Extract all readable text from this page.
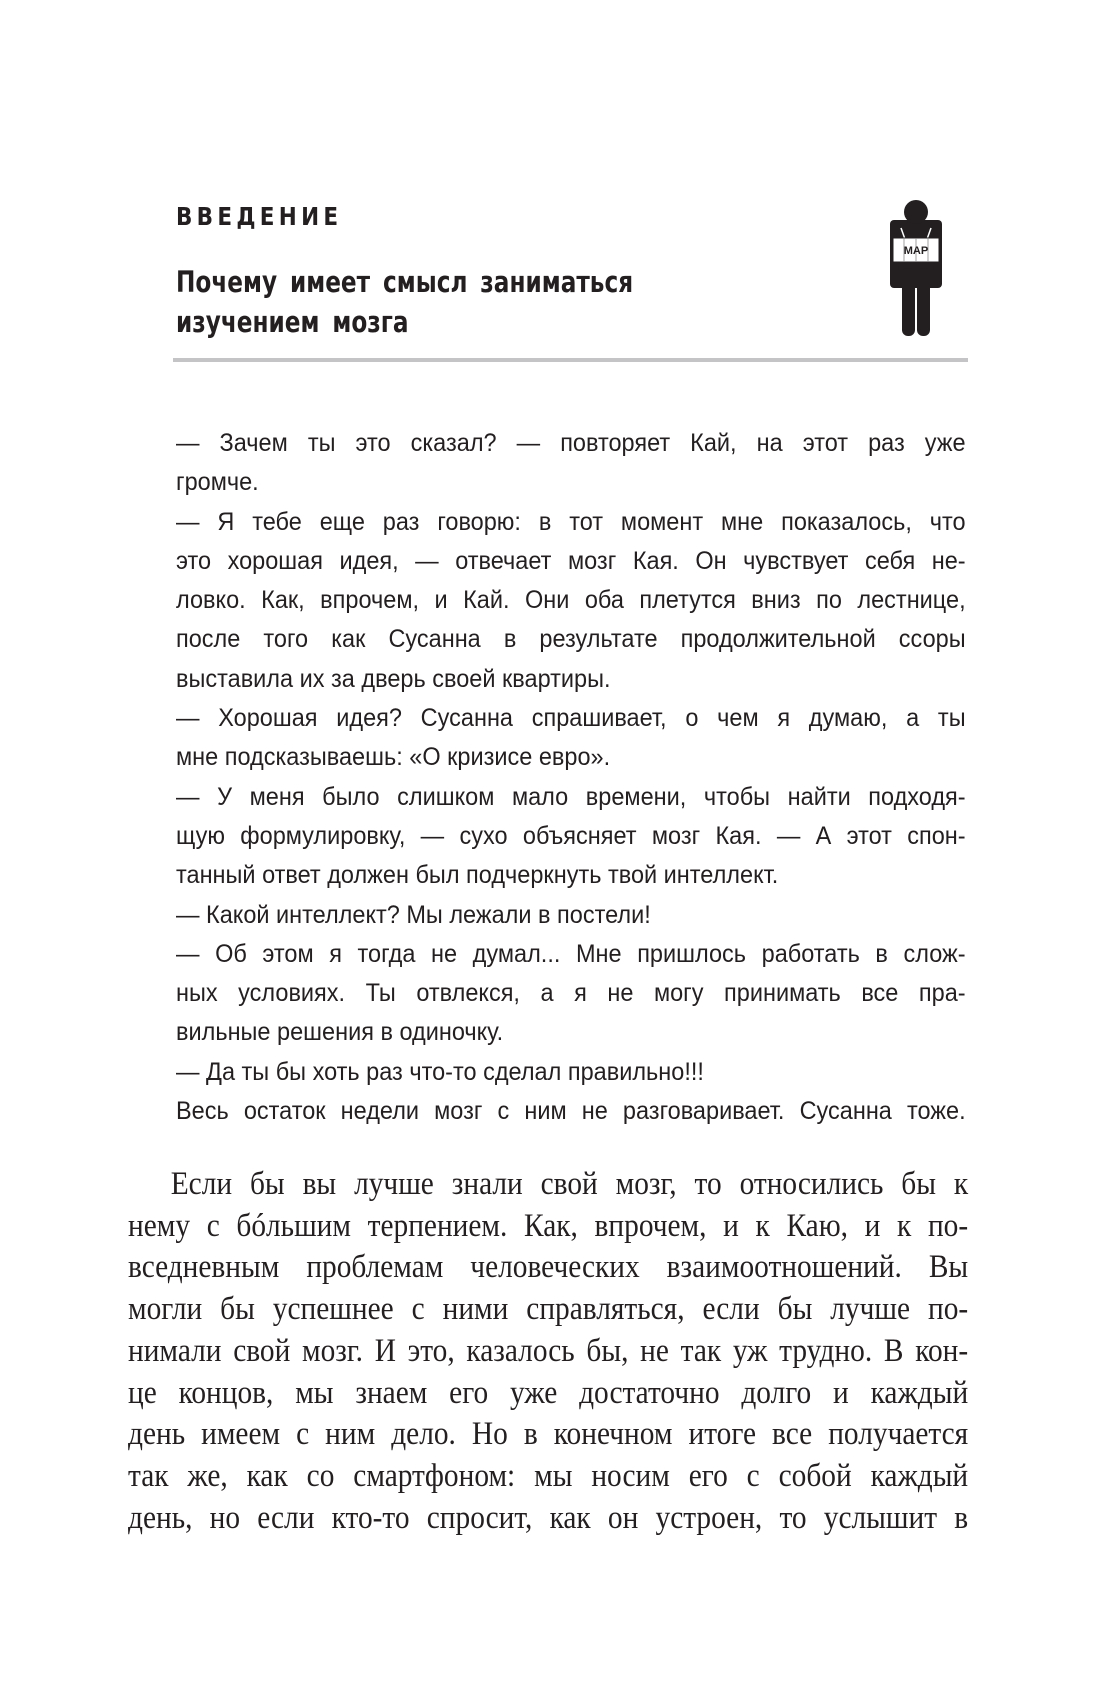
ВВЕДЕНИЕ
Почему имеет смысл заниматься
изучением мозга
MAP
— Зачем ты это сказал? — повторяет Кай, на этот раз уже
громче.
— Я тебе еще раз говорю: в тот момент мне показалось, что
это хорошая идея, — отвечает мозг Кая. Он чувствует себя не-
ловко. Как, впрочем, и Кай. Они оба плетутся вниз по лестнице,
после того как Сусанна в результате продолжительной ссоры
выставила их за дверь своей квартиры.
— Хорошая идея? Сусанна спрашивает, о чем я думаю, а ты
мне подсказываешь: «О кризисе евро».
— У меня было слишком мало времени, чтобы найти подходя-
щую формулировку, — сухо объясняет мозг Кая. — А этот спон-
танный ответ должен был подчеркнуть твой интеллект.
— Какой интеллект? Мы лежали в постели!
— Об этом я тогда не думал... Мне пришлось работать в слож-
ных условиях. Ты отвлекся, а я не могу принимать все пра-
вильные решения в одиночку.
— Да ты бы хоть раз что-то сделал правильно!!!
Весь остаток недели мозг с ним не разговаривает. Сусанна тоже.
Если бы вы лучше знали свой мозг, то относились бы к
нему с бóльшим терпением. Как, впрочем, и к Каю, и к по-
вседневным проблемам человеческих взаимоотношений. Вы
могли бы успешнее с ними справляться, если бы лучше по-
нимали свой мозг. И это, казалось бы, не так уж трудно. В кон-
це концов, мы знаем его уже достаточно долго и каждый
день имеем с ним дело. Но в конечном итоге все получается
так же, как со смартфоном: мы носим его с собой каждый
день, но если кто-то спросит, как он устроен, то услышит в
